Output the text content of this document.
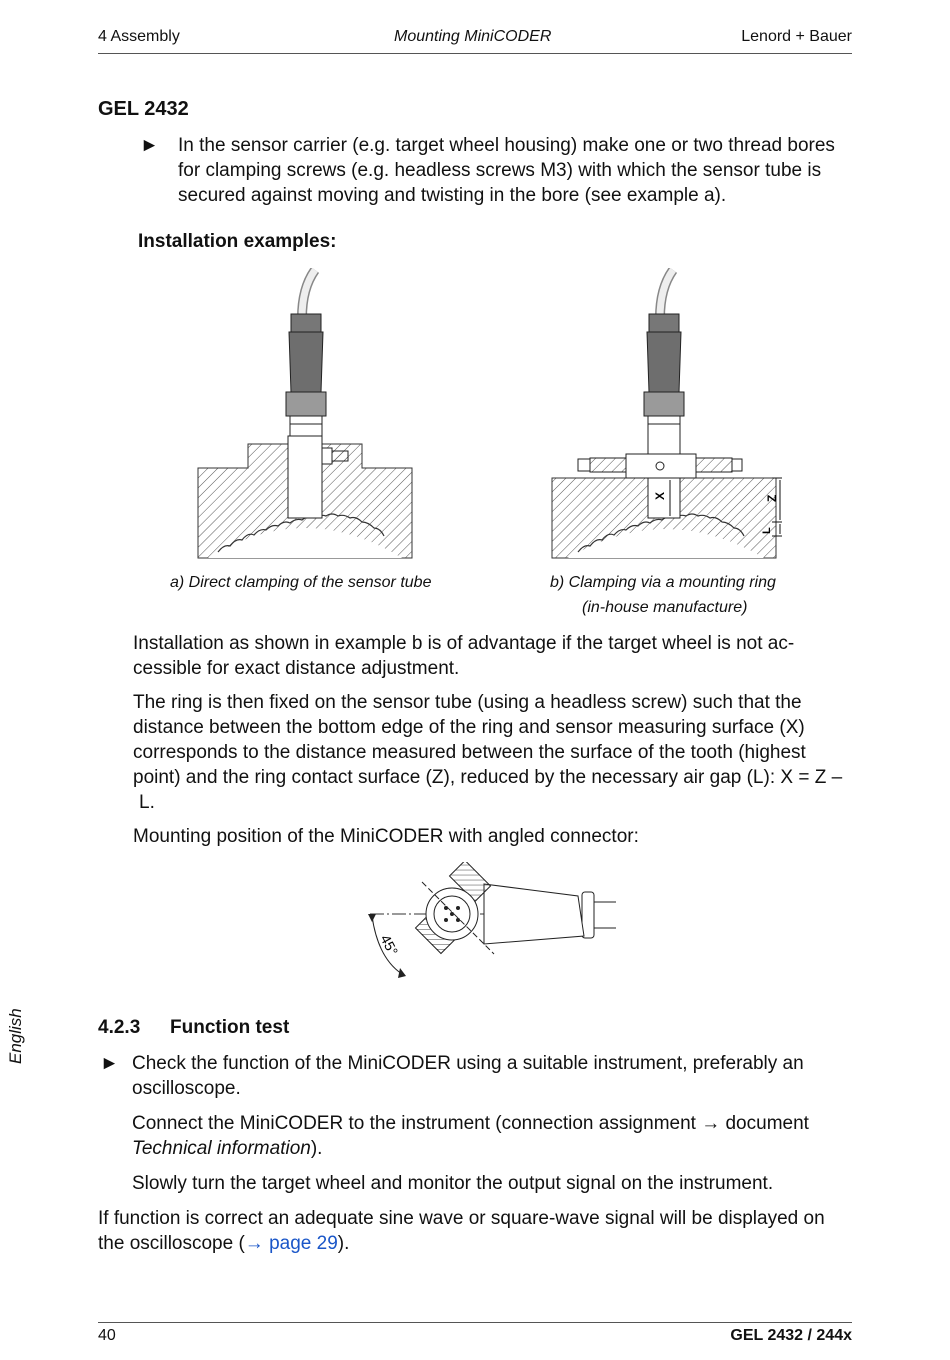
4 Assembly	Mounting MiniCODER	Lenord + Bauer
GEL 2432
► In the sensor carrier (e.g. target wheel housing) make one or two thread bores
for clamping screws (e.g. headless screws M3) with which the sensor tube is
secured against moving and twisting in the bore (see example a).
Installation examples:
a) Direct clamping of the sensor tube
X	Z
L
b) Clamping via a mounting ring
(in-house manufacture)
Installation as shown in example b is of advantage if the target wheel is not ac-
cessible for exact distance adjustment.
The ring is then fixed on the sensor tube (using a headless screw) such that the
distance between the bottom edge of the ring and sensor measuring surface (X)
corresponds to the distance measured between the surface of the tooth (highest
point) and the ring contact surface (Z), reduced by the necessary air gap (L): X = Z –
L.
Mounting position of the MiniCODER with angled connector:
45°
English	4.2.3 Function test
► Check the function of the MiniCODER using a suitable instrument, preferably an
oscilloscope.
Connect the MiniCODER to the instrument (connection assignment → document
Technical information).
Slowly turn the target wheel and monitor the output signal on the instrument.
If function is correct an adequate sine wave or square-wave signal will be displayed on
the oscilloscope (→ page 29).
40	GEL 2432 / 244x
